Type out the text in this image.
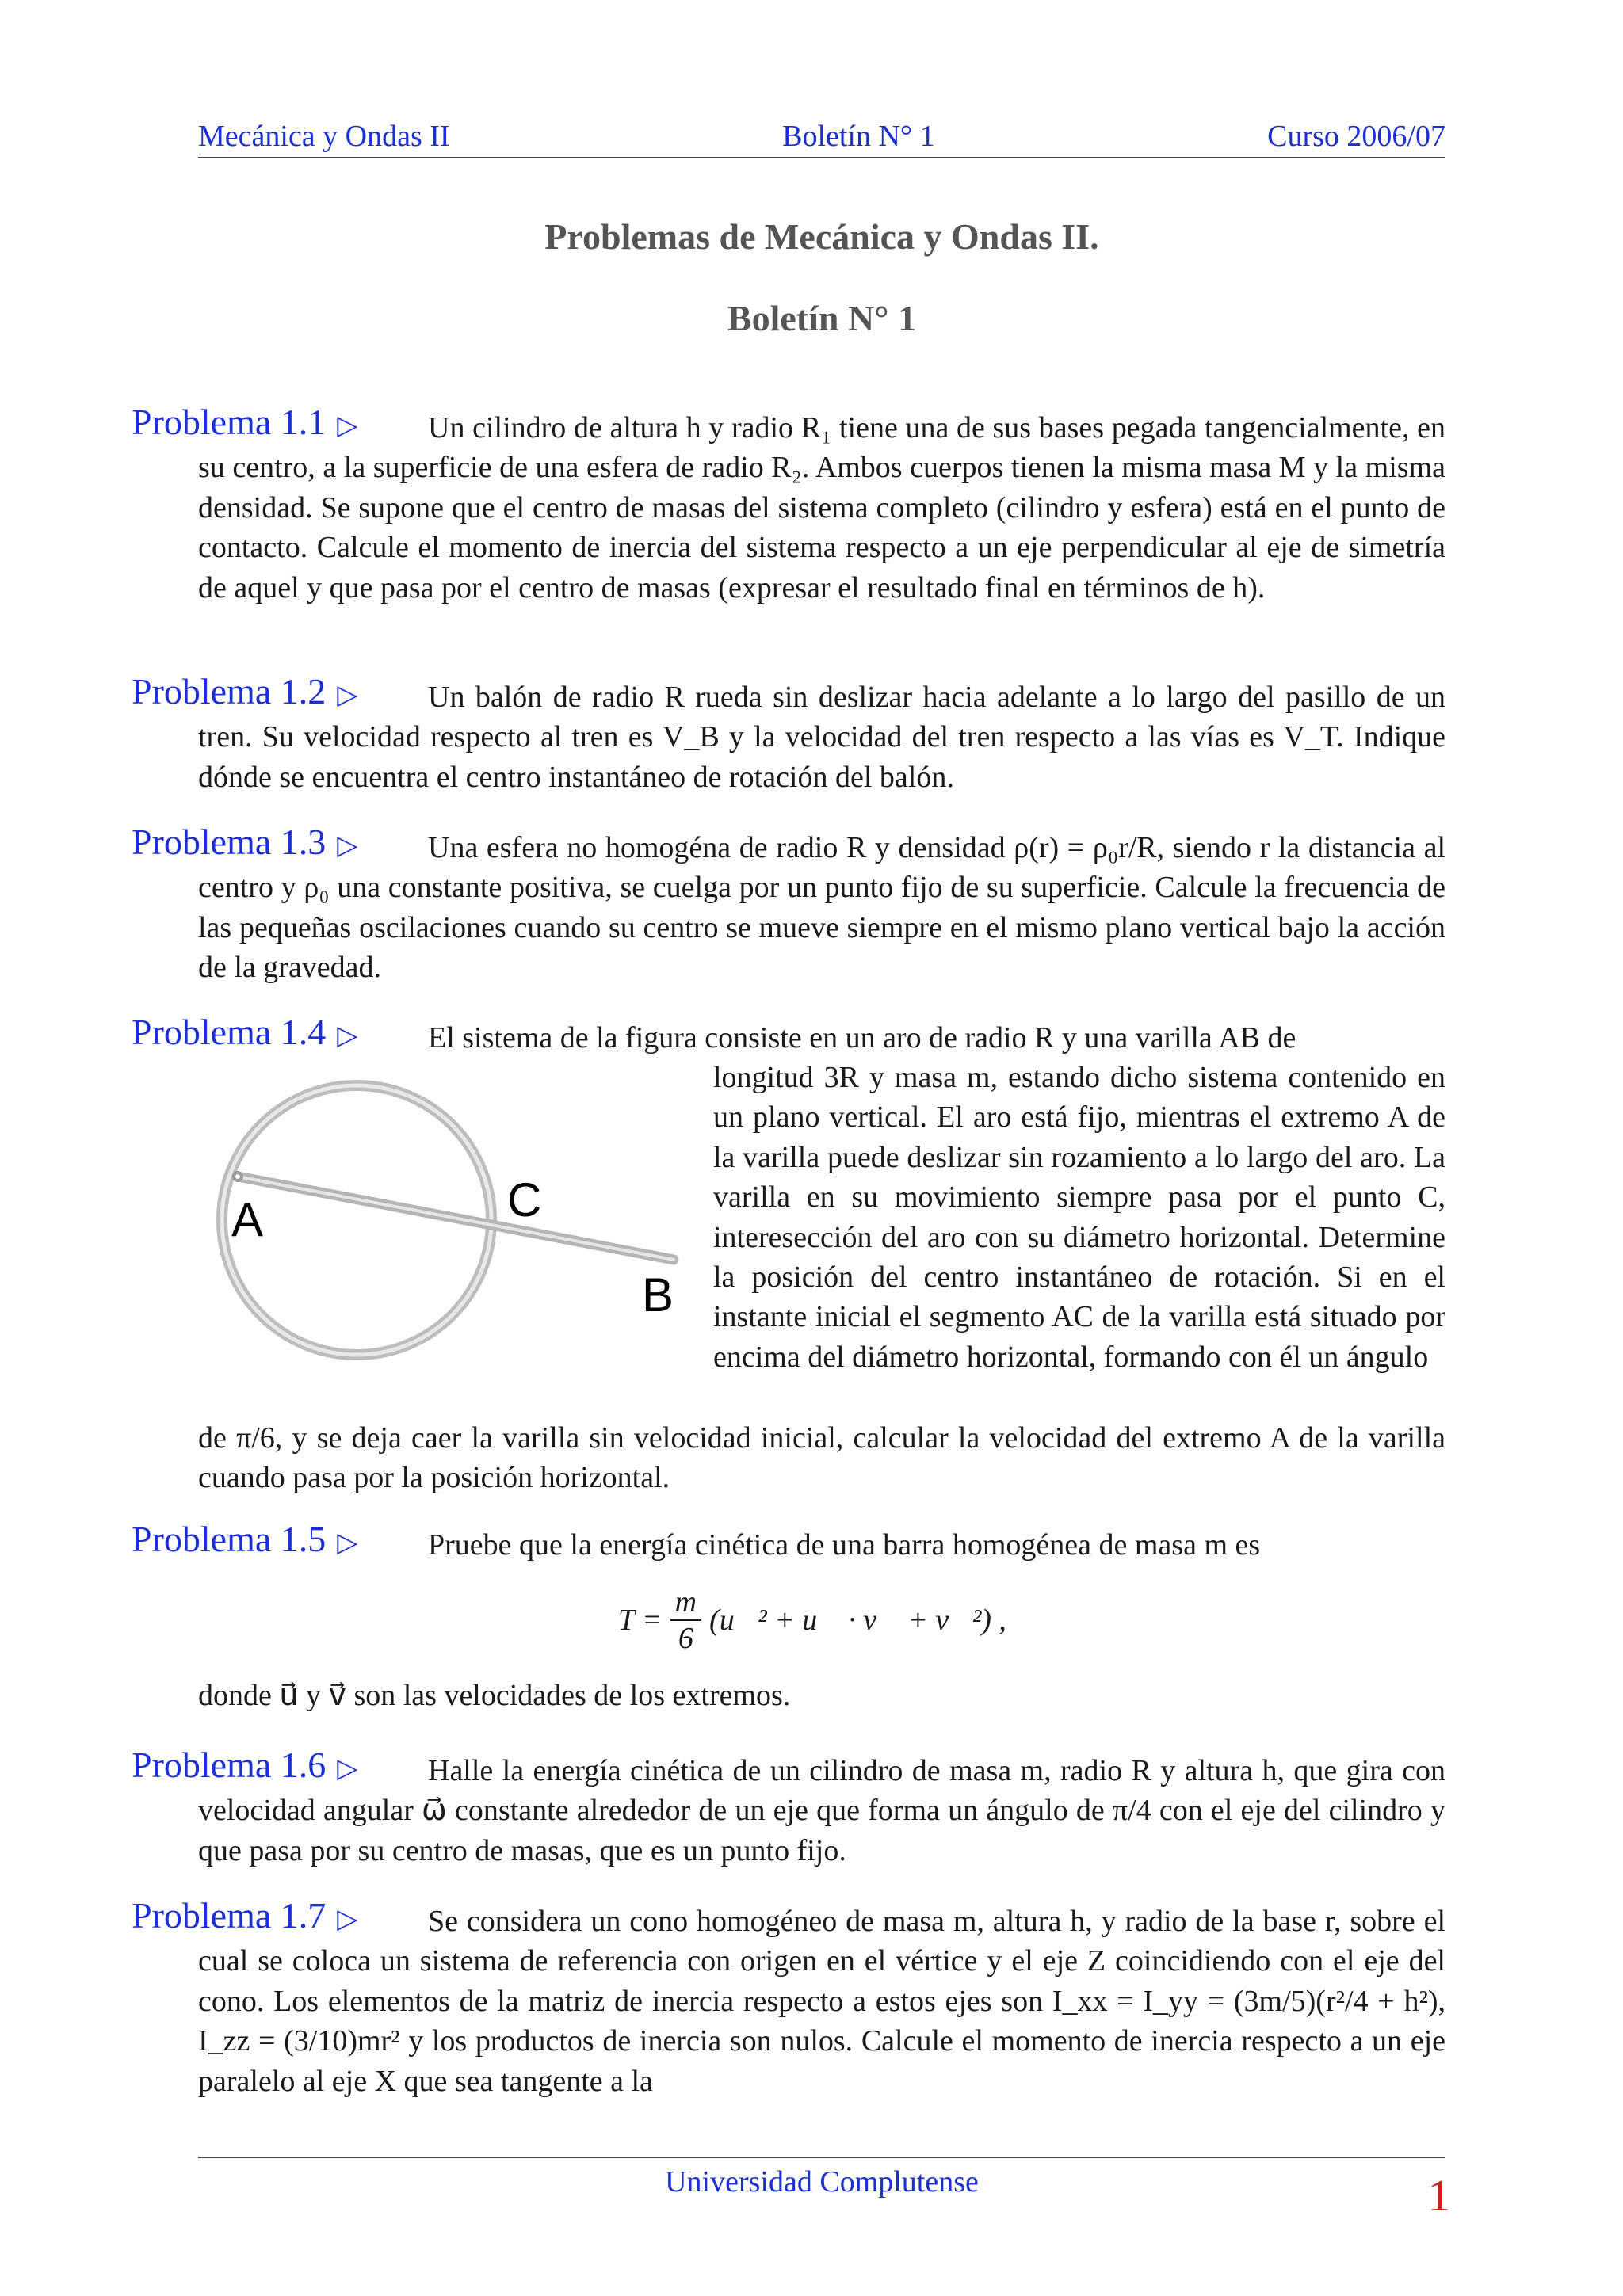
Mecánica y Ondas II	Boletín N° 1	Curso 2006/07
Problemas de Mecánica y Ondas II.
Boletín N° 1
Problema 1.1 ▷ Un cilindro de altura h y radio R₁ tiene una de sus bases pegada tangencialmente, en su centro, a la superficie de una esfera de radio R₂. Ambos cuerpos tienen la misma masa M y la misma densidad. Se supone que el centro de masas del sistema completo (cilindro y esfera) está en el punto de contacto. Calcule el momento de inercia del sistema respecto a un eje perpendicular al eje de simetría de aquel y que pasa por el centro de masas (expresar el resultado final en términos de h).
Problema 1.2 ▷ Un balón de radio R rueda sin deslizar hacia adelante a lo largo del pasillo de un tren. Su velocidad respecto al tren es V_B y la velocidad del tren respecto a las vías es V_T. Indique dónde se encuentra el centro instantáneo de rotación del balón.
Problema 1.3 ▷ Una esfera no homogéna de radio R y densidad ρ(r) = ρ₀r/R, siendo r la distancia al centro y ρ₀ una constante positiva, se cuelga por un punto fijo de su superficie. Calcule la frecuencia de las pequeñas oscilaciones cuando su centro se mueve siempre en el mismo plano vertical bajo la acción de la gravedad.
Problema 1.4 ▷ El sistema de la figura consiste en un aro de radio R y una varilla AB de
longitud 3R y masa m, estando dicho sistema contenido en un plano vertical. El aro está fijo, mientras el extremo A de la varilla puede deslizar sin rozamiento a lo largo del aro. La varilla en su movimiento siempre pasa por el punto C, interesección del aro con su diámetro horizontal. Determine la posición del centro instantáneo de rotación. Si en el instante inicial el segmento AC de la varilla está situado por encima del diámetro horizontal, formando con él un ángulo
de π/6, y se deja caer la varilla sin velocidad inicial, calcular la velocidad del extremo A de la varilla cuando pasa por la posición horizontal.
A	C
B
Problema 1.5 ▷ Pruebe que la energía cinética de una barra homogénea de masa m es
$T = \frac{m}{6}$ (u⃗² + u⃗ · v⃗ + v⃗²) ,
donde u⃗ y v⃗ son las velocidades de los extremos.
Problema 1.6 ▷ Halle la energía cinética de un cilindro de masa m, radio R y altura h, que gira con velocidad angular ω⃗ constante alrededor de un eje que forma un ángulo de π/4 con el eje del cilindro y que pasa por su centro de masas, que es un punto fijo.
Problema 1.7 ▷ Se considera un cono homogéneo de masa m, altura h, y radio de la base r, sobre el cual se coloca un sistema de referencia con origen en el vértice y el eje Z coincidiendo con el eje del cono. Los elementos de la matriz de inercia respecto a estos ejes son I_xx = I_yy = (3m/5)(r²/4 + h²), I_zz = (3/10)mr² y los productos de inercia son nulos. Calcule el momento de inercia respecto a un eje paralelo al eje X que sea tangente a la
Universidad Complutense	1
